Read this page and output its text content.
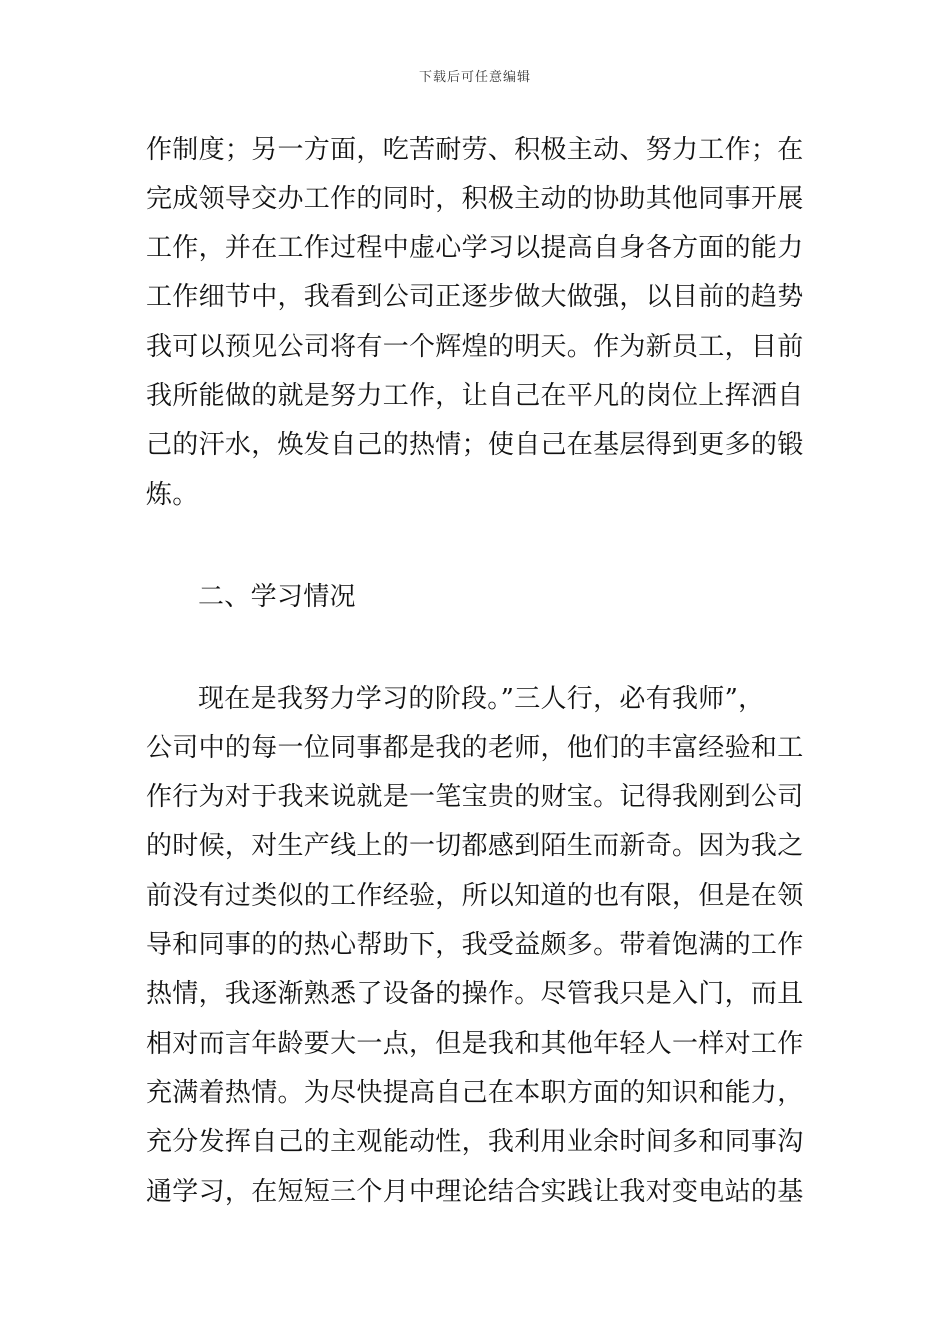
下载后可任意编辑
作制度；另一方面，吃苦耐劳、积极主动、努力工作；在
完成领导交办工作的同时，积极主动的协助其他同事开展
工作，并在工作过程中虚心学习以提高自身各方面的能力
工作细节中，我看到公司正逐步做大做强，以目前的趋势
我可以预见公司将有一个辉煌的明天。作为新员工，目前
我所能做的就是努力工作，让自己在平凡的岗位上挥洒自
己的汗水，焕发自己的热情；使自己在基层得到更多的锻
炼。
二、学习情况
现在是我努力学习的阶段。”三人行，必有我师”，
公司中的每一位同事都是我的老师，他们的丰富经验和工
作行为对于我来说就是一笔宝贵的财宝。记得我刚到公司
的时候，对生产线上的一切都感到陌生而新奇。因为我之
前没有过类似的工作经验，所以知道的也有限，但是在领
导和同事的的热心帮助下，我受益颇多。带着饱满的工作
热情，我逐渐熟悉了设备的操作。尽管我只是入门，而且
相对而言年龄要大一点，但是我和其他年轻人一样对工作
充满着热情。为尽快提高自己在本职方面的知识和能力，
充分发挥自己的主观能动性，我利用业余时间多和同事沟
通学习，在短短三个月中理论结合实践让我对变电站的基
